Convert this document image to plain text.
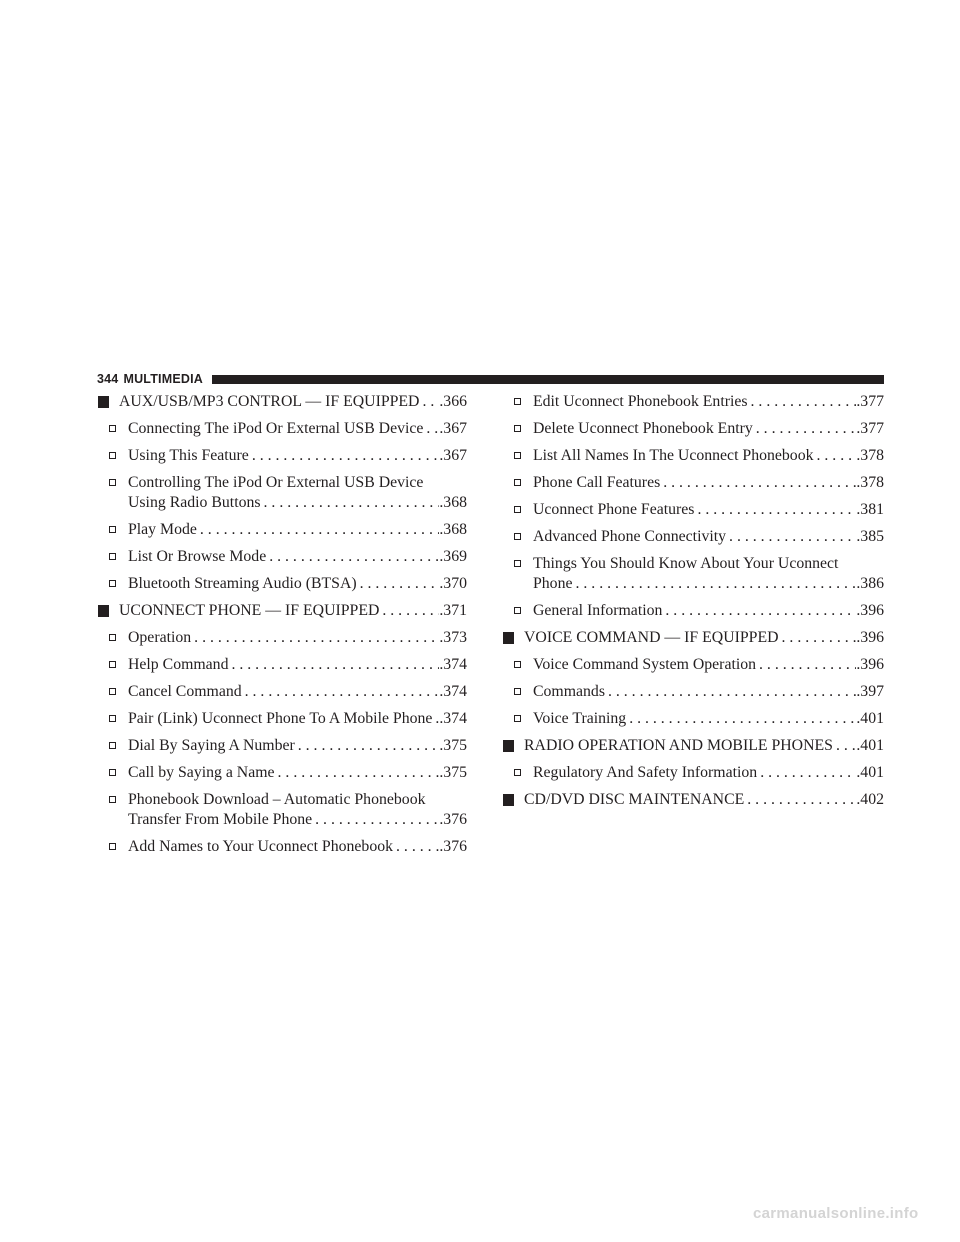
344 MULTIMEDIA
AUX/USB/MP3 CONTROL — IF EQUIPPED . . . .366
Connecting The iPod Or External USB Device . . . .367
Using This Feature . . .	.367
Controlling The iPod Or External USB Device
Using Radio Buttons . . .	.368
Play Mode . . .	.368
List Or Browse Mode . . .	.369
Bluetooth Streaming Audio (BTSA) . . .	.370
UCONNECT PHONE — IF EQUIPPED . . .	.371
Operation . . .	.373
Help Command . . .	.374
Cancel Command . . .	.374
Pair (Link) Uconnect Phone To A Mobile Phone . . . .374
Dial By Saying A Number . . .	.375
Call by Saying a Name . . .	.375
Phonebook Download – Automatic Phonebook
Transfer From Mobile Phone . . .	.376
Add Names to Your Uconnect Phonebook . . .	.376
Edit Uconnect Phonebook Entries . . .	.377
Delete Uconnect Phonebook Entry . . .	.377
List All Names In The Uconnect Phonebook . . .	.378
Phone Call Features . . .	.378
Uconnect Phone Features . . .	.381
Advanced Phone Connectivity . . .	.385
Things You Should Know About Your Uconnect
Phone . . .	.386
General Information . . .	.396
VOICE COMMAND — IF EQUIPPED . . .	.396
Voice Command System Operation . . .	.396
Commands . . .	.397
Voice Training . . .	.401
RADIO OPERATION AND MOBILE PHONES . . . .401
Regulatory And Safety Information . . .	.401
CD/DVD DISC MAINTENANCE . . .	.402
carmanualsonline.info
